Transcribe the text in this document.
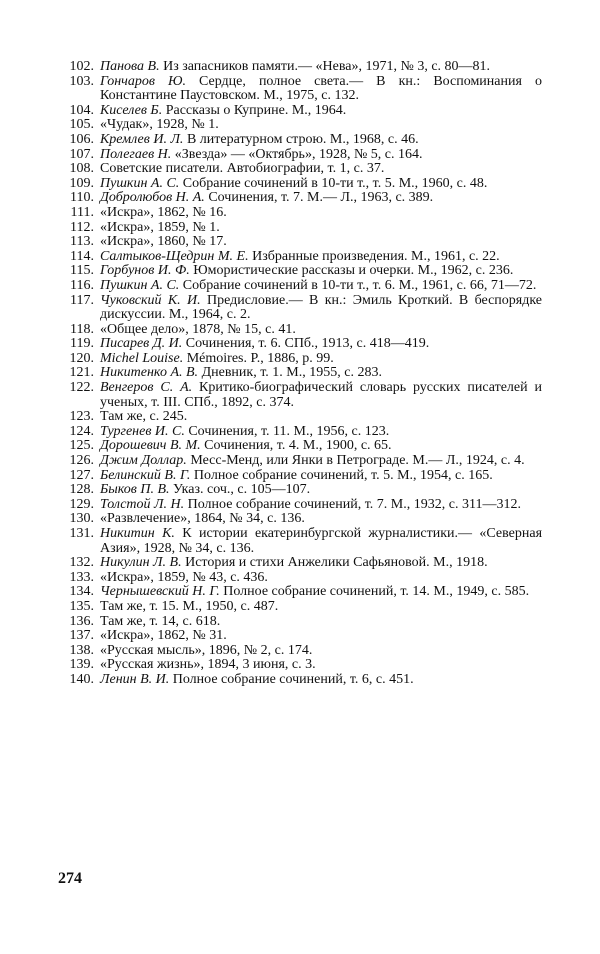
102. Панова В. Из запасников памяти.— «Нева», 1971, № 3, с. 80—81.
103. Гончаров Ю. Сердце, полное света.— В кн.: Воспоминания о Константине Паустовском. М., 1975, с. 132.
104. Киселев Б. Рассказы о Куприне. М., 1964.
105. «Чудак», 1928, № 1.
106. Кремлев И. Л. В литературном строю. М., 1968, с. 46.
107. Полегаев Н. «Звезда» — «Октябрь», 1928, № 5, с. 164.
108. Советские писатели. Автобиографии, т. 1, с. 37.
109. Пушкин А. С. Собрание сочинений в 10-ти т., т. 5. М., 1960, с. 48.
110. Добролюбов Н. А. Сочинения, т. 7. М.— Л., 1963, с. 389.
111. «Искра», 1862, № 16.
112. «Искра», 1859, № 1.
113. «Искра», 1860, № 17.
114. Салтыков-Щедрин М. Е. Избранные произведения. М., 1961, с. 22.
115. Горбунов И. Ф. Юмористические рассказы и очерки. М., 1962, с. 236.
116. Пушкин А. С. Собрание сочинений в 10-ти т., т. 6. М., 1961, с. 66, 71—72.
117. Чуковский К. И. Предисловие.— В кн.: Эмиль Кроткий. В беспорядке дискуссии. М., 1964, с. 2.
118. «Общее дело», 1878, № 15, с. 41.
119. Писарев Д. И. Сочинения, т. 6. СПб., 1913, с. 418—419.
120. Michel Louise. Mémoires. P., 1886, p. 99.
121. Никитенко А. В. Дневник, т. 1. М., 1955, с. 283.
122. Венгеров С. А. Критико-биографический словарь русских писателей и ученых, т. III. СПб., 1892, с. 374.
123. Там же, с. 245.
124. Тургенев И. С. Сочинения, т. 11. М., 1956, с. 123.
125. Дорошевич В. М. Сочинения, т. 4. М., 1900, с. 65.
126. Джим Доллар. Месс-Менд, или Янки в Петрограде. М.— Л., 1924, с. 4.
127. Белинский В. Г. Полное собрание сочинений, т. 5. М., 1954, с. 165.
128. Быков П. В. Указ. соч., с. 105—107.
129. Толстой Л. Н. Полное собрание сочинений, т. 7. М., 1932, с. 311—312.
130. «Развлечение», 1864, № 34, с. 136.
131. Никитин К. К истории екатеринбургской журналистики.— «Северная Азия», 1928, № 34, с. 136.
132. Никулин Л. В. История и стихи Анжелики Сафьяновой. М., 1918.
133. «Искра», 1859, № 43, с. 436.
134. Чернышевский Н. Г. Полное собрание сочинений, т. 14. М., 1949, с. 585.
135. Там же, т. 15. М., 1950, с. 487.
136. Там же, т. 14, с. 618.
137. «Искра», 1862, № 31.
138. «Русская мысль», 1896, № 2, с. 174.
139. «Русская жизнь», 1894, 3 июня, с. 3.
140. Ленин В. И. Полное собрание сочинений, т. 6, с. 451.
274
